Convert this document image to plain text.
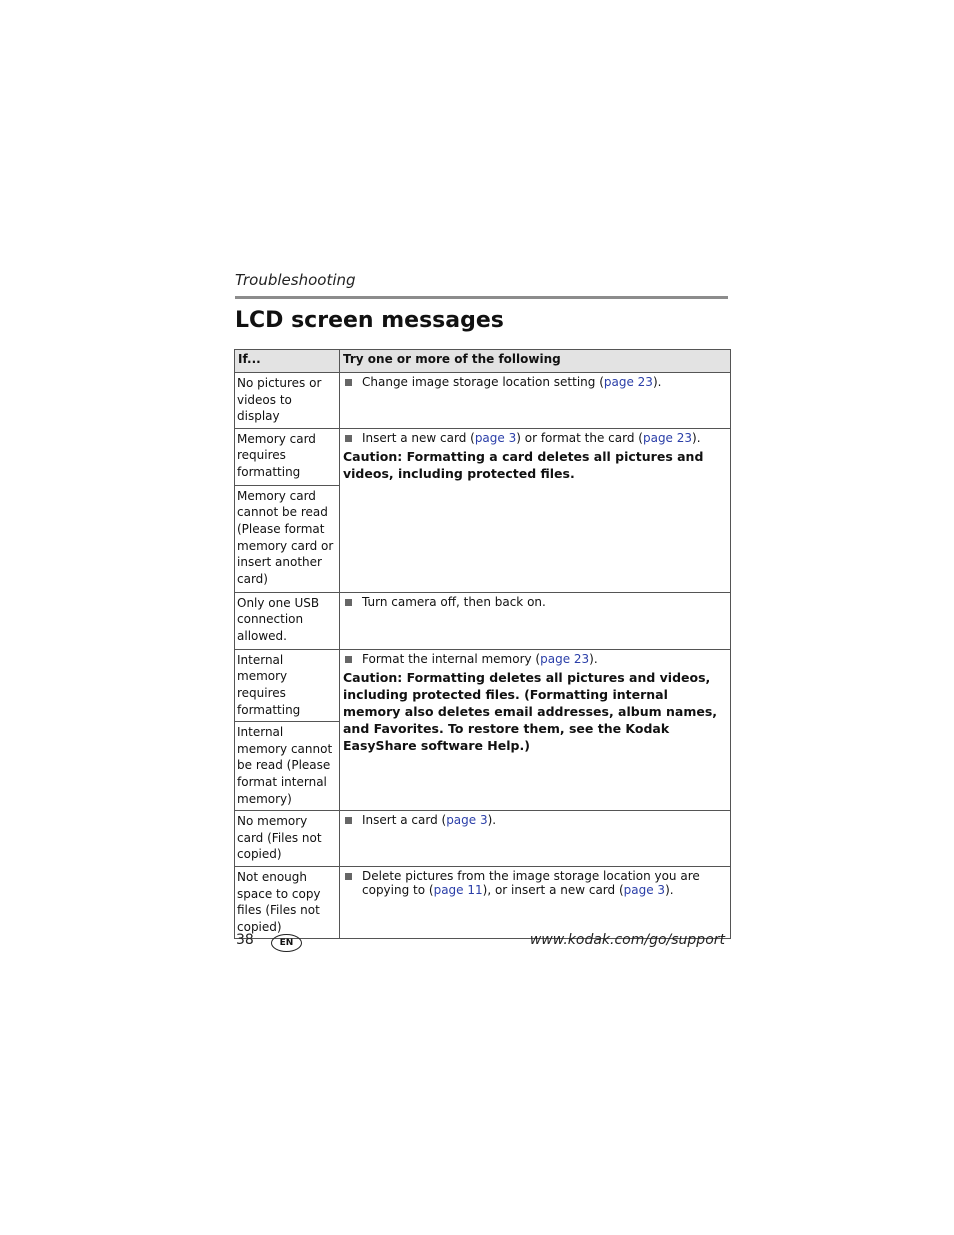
Troubleshooting
LCD screen messages
If...	Try one or more of the following
No pictures or videos to display	Change image storage location setting (page 23).

Memory card requires formatting	Insert a new card (page 3) or format the card (page 23).
Caution: Formatting a card deletes all pictures and videos, including protected files.

Memory card cannot be read (Please format memory card or insert another card)	
Only one USB connection allowed.	Turn camera off, then back on.

Internal memory requires formatting	Format the internal memory (page 23).
Caution: Formatting deletes all pictures and videos, including protected files. (Formatting internal memory also deletes email addresses, album names, and Favorites. To restore them, see the Kodak EasyShare software Help.)

Internal memory cannot be read (Please format internal memory)	
No memory card (Files not copied)	Insert a card (page 3).

Not enough space to copy files (Files not copied)	Delete pictures from the image storage location you are copying to (page 11), or insert a new card (page 3).
38	EN	www.kodak.com/go/support
